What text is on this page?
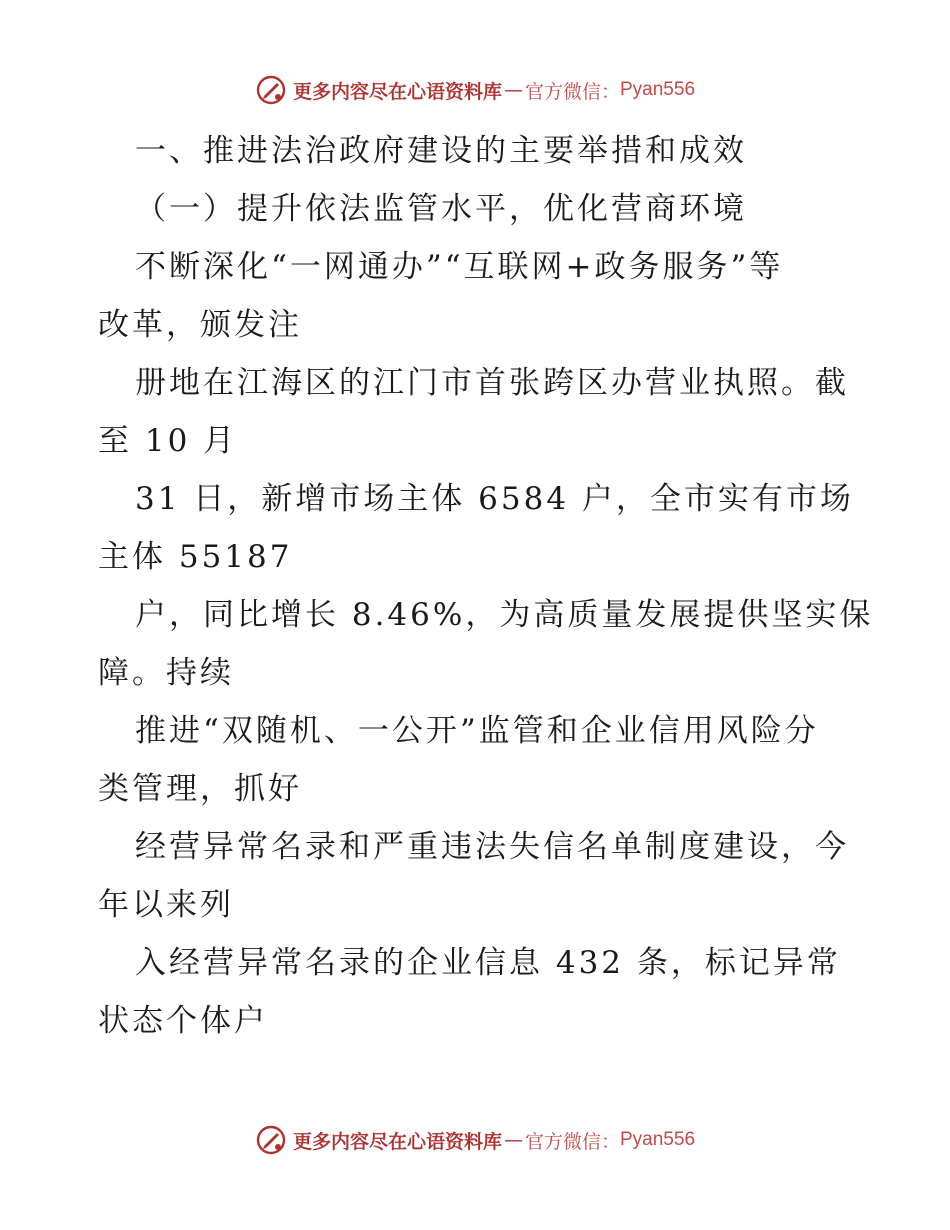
更多内容尽在心语资料库 — 官方微信： Pyan556
一、推进法治政府建设的主要举措和成效
（一）提升依法监管水平，优化营商环境
不断深化“一网通办”“互联网+政务服务”等
改革，颁发注
册地在江海区的江门市首张跨区办营业执照。截
至 10 月
31 日，新增市场主体 6584 户，全市实有市场
主体 55187
户，同比增长 8.46%，为高质量发展提供坚实保
障。持续
推进“双随机、一公开”监管和企业信用风险分
类管理，抓好
经营异常名录和严重违法失信名单制度建设，今
年以来列
入经营异常名录的企业信息 432 条，标记异常
状态个体户
更多内容尽在心语资料库 — 官方微信： Pyan556
